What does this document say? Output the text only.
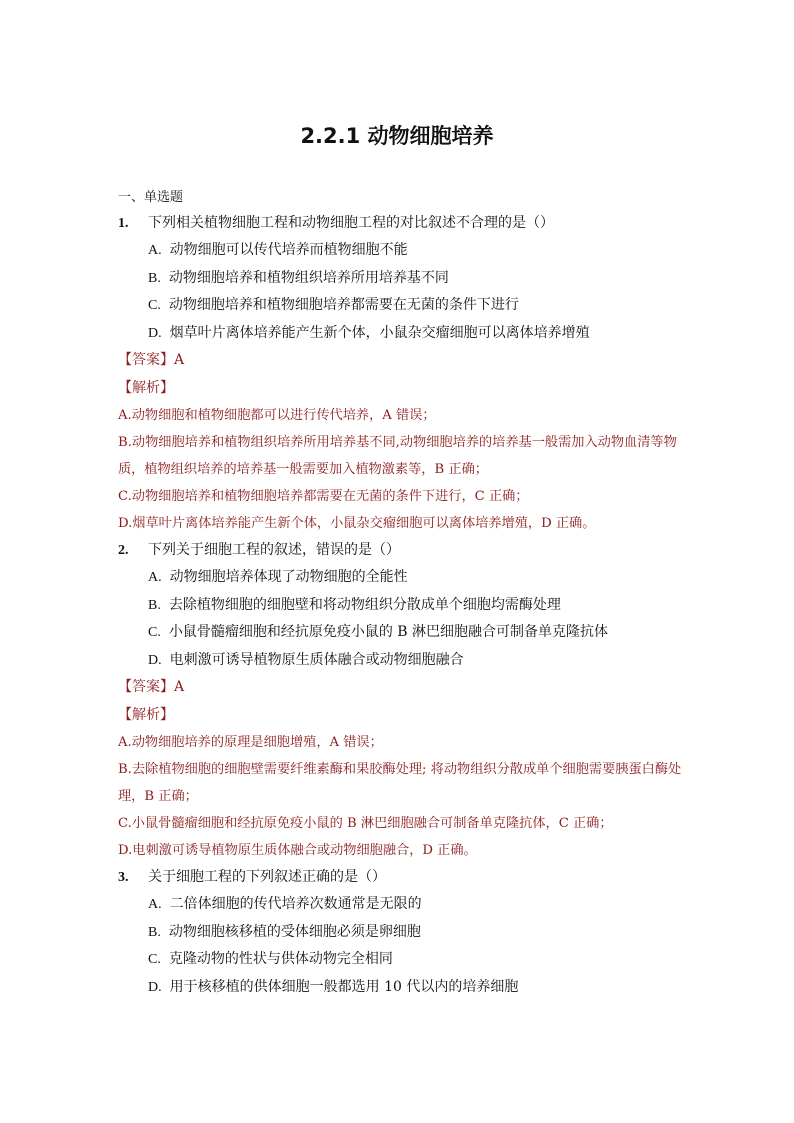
2.2.1 动物细胞培养
一、单选题
1.	下列相关植物细胞工程和动物细胞工程的对比叙述不合理的是（）
A. 动物细胞可以传代培养而植物细胞不能
B. 动物细胞培养和植物组织培养所用培养基不同
C. 动物细胞培养和植物细胞培养都需要在无菌的条件下进行
D. 烟草叶片离体培养能产生新个体，小鼠杂交瘤细胞可以离体培养增殖
【答案】A
【解析】
A.动物细胞和植物细胞都可以进行传代培养，A 错误；
B.动物细胞培养和植物组织培养所用培养基不同,动物细胞培养的培养基一般需加入动物血清等物质，植物组织培养的培养基一般需要加入植物激素等，B 正确；
C.动物细胞培养和植物细胞培养都需要在无菌的条件下进行，C 正确；
D.烟草叶片离体培养能产生新个体，小鼠杂交瘤细胞可以离体培养增殖，D 正确。
2.	下列关于细胞工程的叙述，错误的是（）
A. 动物细胞培养体现了动物细胞的全能性
B. 去除植物细胞的细胞壁和将动物组织分散成单个细胞均需酶处理
C. 小鼠骨髓瘤细胞和经抗原免疫小鼠的 B 淋巴细胞融合可制备单克隆抗体
D. 电刺激可诱导植物原生质体融合或动物细胞融合
【答案】A
【解析】
A.动物细胞培养的原理是细胞增殖，A 错误；
B.去除植物细胞的细胞壁需要纤维素酶和果胶酶处理; 将动物组织分散成单个细胞需要胰蛋白酶处理，B 正确；
C.小鼠骨髓瘤细胞和经抗原免疫小鼠的 B 淋巴细胞融合可制备单克隆抗体，C 正确；
D.电刺激可诱导植物原生质体融合或动物细胞融合，D 正确。
3.	关于细胞工程的下列叙述正确的是（）
A. 二倍体细胞的传代培养次数通常是无限的
B. 动物细胞核移植的受体细胞必须是卵细胞
C. 克隆动物的性状与供体动物完全相同
D. 用于核移植的供体细胞一般都选用 10 代以内的培养细胞
